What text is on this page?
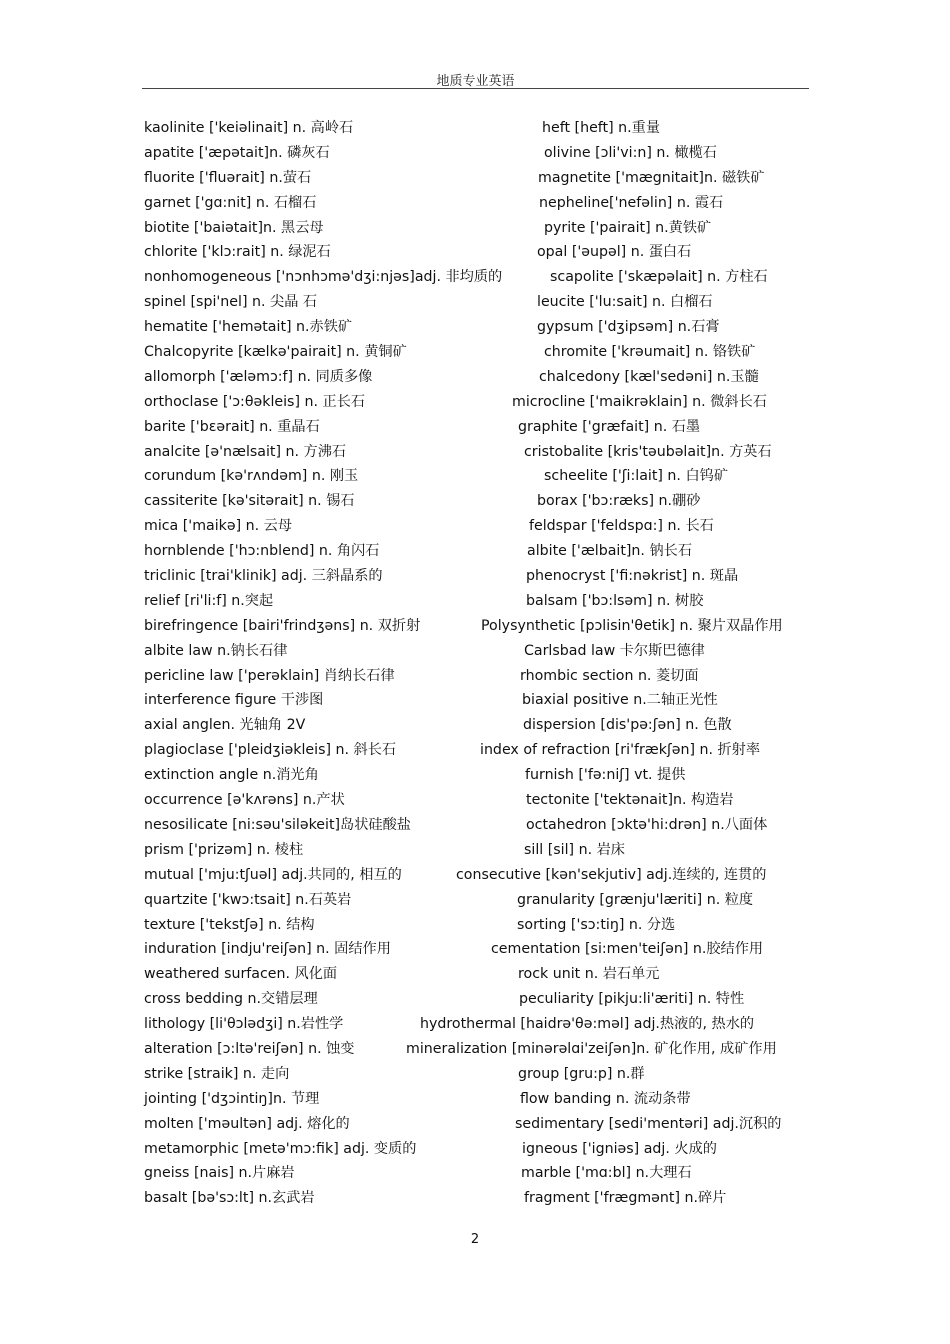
地质专业英语
kaolinite ['keiəlinait] n. 高岭石	heft [heft] n.重量
apatite ['æpətait]n. 磷灰石	olivine [ɔli'vi:n] n. 橄榄石
fluorite ['fluərait] n.萤石	magnetite ['mægnitait]n. 磁铁矿
garnet ['gɑ:nit] n. 石榴石	nepheline['nefəlin] n. 霞石
biotite ['baiətait]n. 黑云母	pyrite ['pairait] n.黄铁矿
chlorite ['klɔ:rait] n. 绿泥石	opal ['əupəl] n. 蛋白石
nonhomogeneous ['nɔnhɔmə'dʒi:njəs]adj. 非均质的	scapolite ['skæpəlait] n. 方柱石
spinel [spi'nel] n. 尖晶 石	leucite ['lu:sait] n. 白榴石
hematite ['hemətait] n.赤铁矿	gypsum ['dʒipsəm] n.石膏
Chalcopyrite [kælkə'pairait] n. 黄铜矿	chromite ['krəumait] n. 铬铁矿
allomorph ['æləmɔ:f] n. 同质多像	chalcedony [kæl'sedəni] n.玉髓
orthoclase ['ɔ:θəkleis] n. 正长石	microcline ['maikrəklain] n. 微斜长石
barite ['bɛərait] n. 重晶石	graphite ['græfait] n. 石墨
analcite [ə'nælsait] n. 方沸石	cristobalite [kris'təubəlait]n. 方英石
corundum [kə'rʌndəm] n. 刚玉	scheelite ['ʃi:lait] n. 白钨矿
cassiterite [kə'sitərait] n. 锡石	borax ['bɔ:ræks] n.硼砂
mica ['maikə] n. 云母	feldspar ['feldspɑ:] n. 长石
hornblende ['hɔ:nblend] n. 角闪石	albite ['ælbait]n. 钠长石
triclinic [trai'klinik] adj. 三斜晶系的	phenocryst ['fi:nəkrist] n. 斑晶
relief [ri'li:f] n.突起	balsam ['bɔ:lsəm] n. 树胶
birefringence [bairi'frindʒəns] n. 双折射	Polysynthetic [pɔlisin'θetik] n. 聚片双晶作用
albite law n.钠长石律	Carlsbad law 卡尔斯巴德律
pericline law ['perəklain] 肖纳长石律	rhombic section n. 菱切面
interference figure 干涉图	biaxial positive n.二轴正光性
axial anglen. 光轴角 2V	dispersion [dis'pə:ʃən] n. 色散
plagioclase ['pleidʒiəkleis] n. 斜长石	index of refraction [ri'frækʃən] n. 折射率
extinction angle n.消光角	furnish ['fə:niʃ] vt. 提供
occurrence [ə'kʌrəns] n.产状	tectonite ['tektənait]n. 构造岩
nesosilicate [ni:səu'siləkeit]岛状硅酸盐	octahedron [ɔktə'hi:drən] n.八面体
prism ['prizəm] n. 棱柱	sill [sil] n. 岩床
mutual ['mju:tʃuəl] adj.共同的, 相互的	consecutive [kən'sekjutiv] adj.连续的, 连贯的
quartzite ['kwɔ:tsait] n.石英岩	granularity [grænju'læriti] n. 粒度
texture ['tekstʃə] n. 结构	sorting ['sɔ:tiŋ] n. 分选
induration [indju'reiʃən] n. 固结作用	cementation [si:men'teiʃən] n.胶结作用
weathered surfacen. 风化面	rock unit n. 岩石单元
cross bedding n.交错层理	peculiarity [pikju:li'æriti] n. 特性
lithology [li'θɔlədʒi] n.岩性学	hydrothermal [haidrə'θə:məl] adj.热液的, 热水的
alteration [ɔ:ltə'reiʃən] n. 蚀变	mineralization [minərəlɑi'zeiʃən]n. 矿化作用, 成矿作用
strike [straik] n. 走向	group [gru:p] n.群
jointing ['dʒɔintiŋ]n. 节理	flow banding n. 流动条带
molten ['məultən] adj. 熔化的	sedimentary [sedi'mentəri] adj.沉积的
metamorphic [metə'mɔ:fik] adj. 变质的	igneous ['igniəs] adj. 火成的
gneiss [nais] n.片麻岩	marble ['mɑ:bl] n.大理石
basalt [bə'sɔ:lt] n.玄武岩	fragment ['frægmənt] n.碎片
2
